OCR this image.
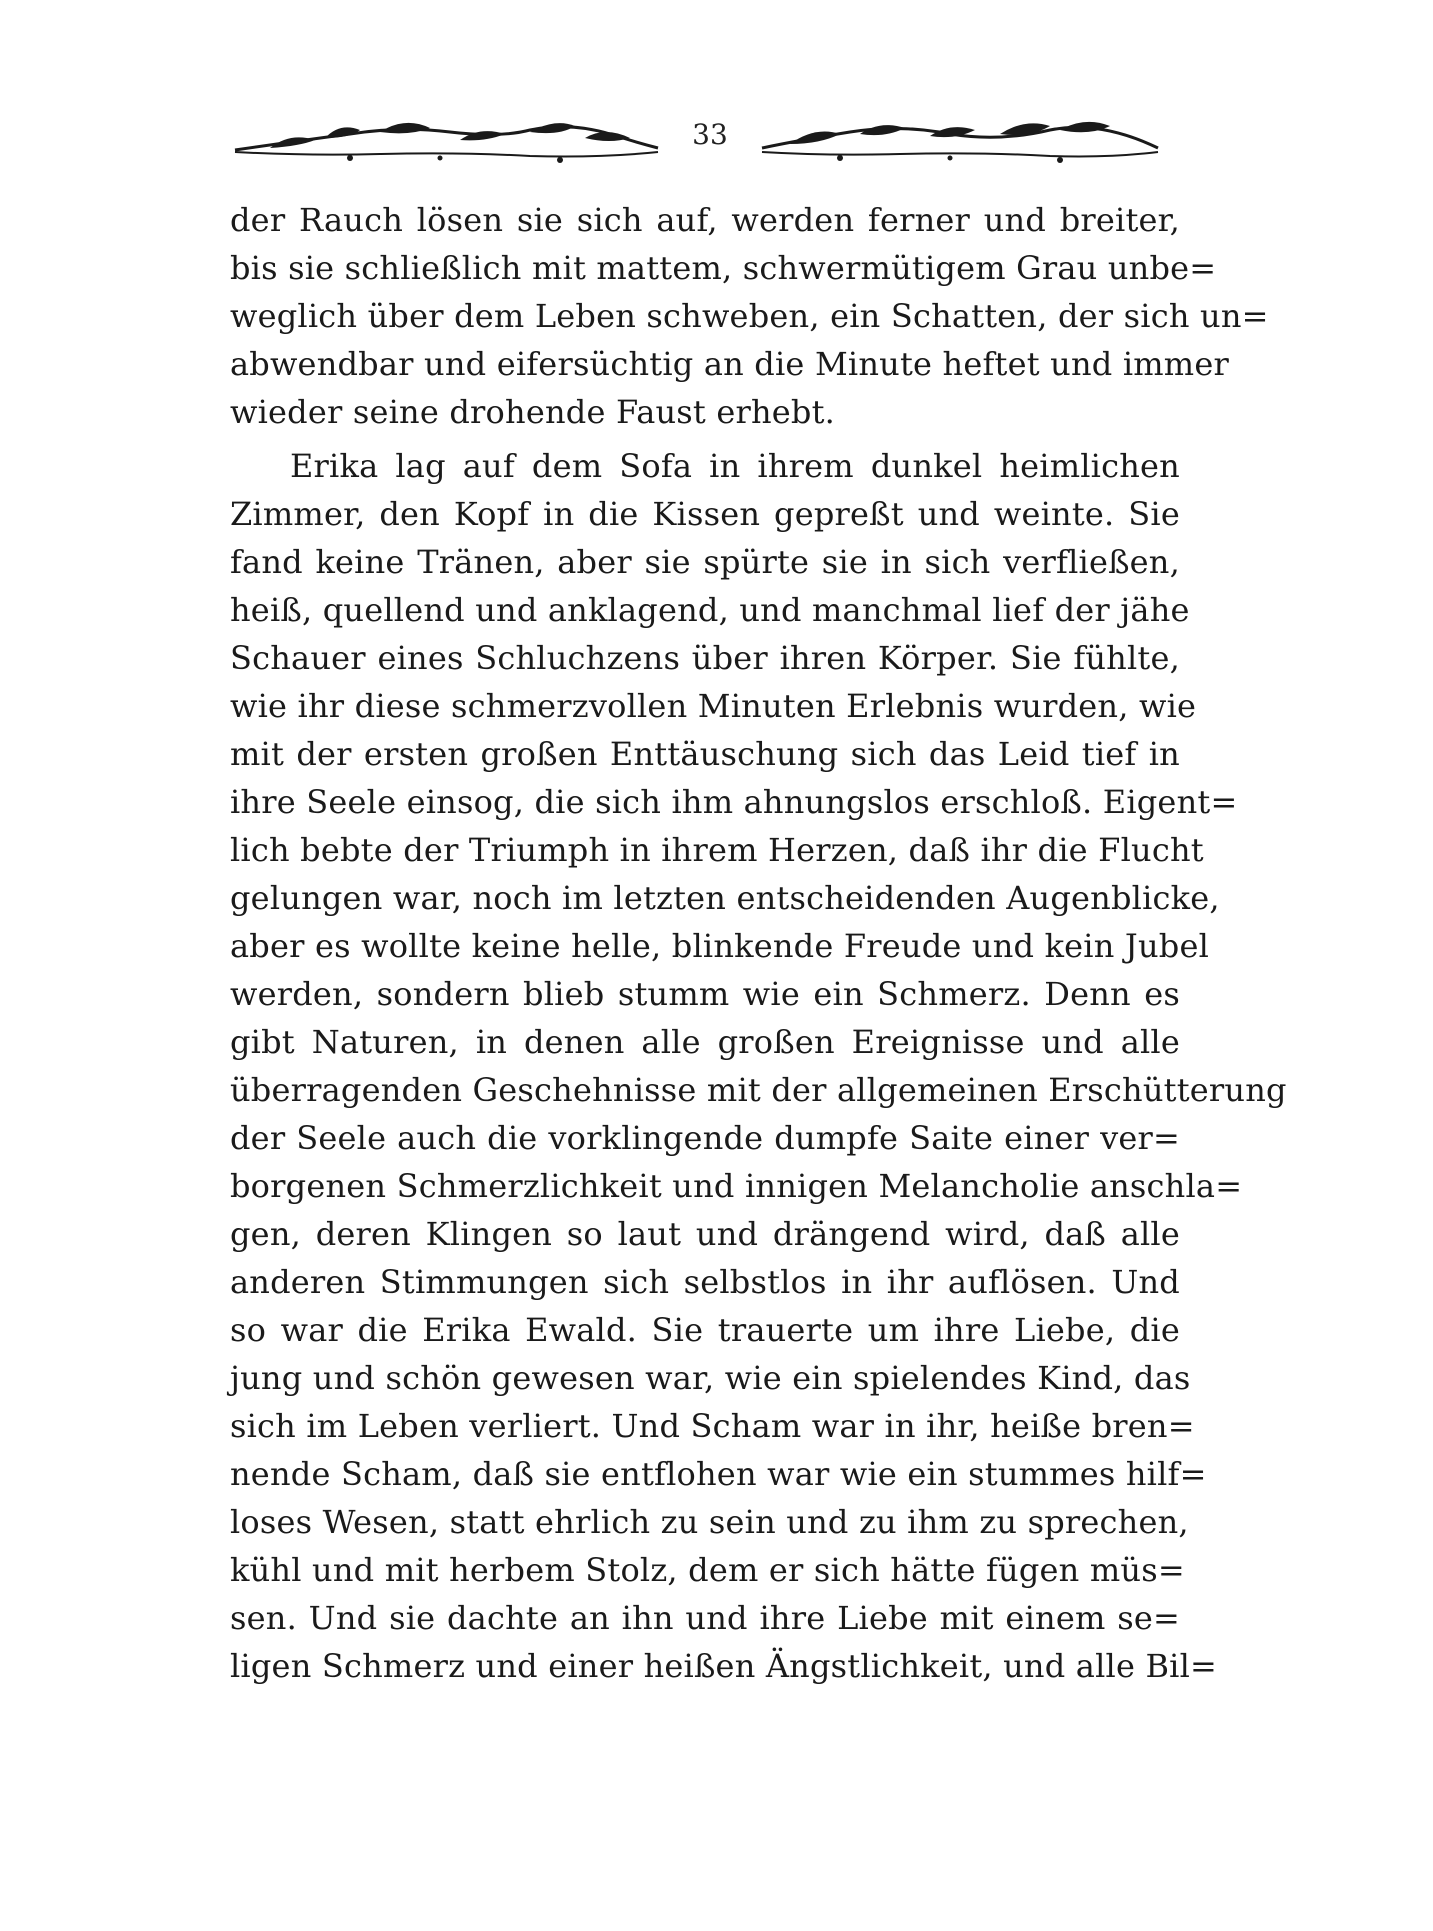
33
der Rauch lösen sie sich auf, werden ferner und breiter,
bis sie schließlich mit mattem, schwermütigem Grau unbe=
weglich über dem Leben schweben, ein Schatten, der sich un=
abwendbar und eifersüchtig an die Minute heftet und immer
wieder seine drohende Faust erhebt.
Erika lag auf dem Sofa in ihrem dunkel heimlichen
Zimmer, den Kopf in die Kissen gepreßt und weinte. Sie
fand keine Tränen, aber sie spürte sie in sich verfließen,
heiß, quellend und anklagend, und manchmal lief der jähe
Schauer eines Schluchzens über ihren Körper. Sie fühlte,
wie ihr diese schmerzvollen Minuten Erlebnis wurden, wie
mit der ersten großen Enttäuschung sich das Leid tief in
ihre Seele einsog, die sich ihm ahnungslos erschloß. Eigent=
lich bebte der Triumph in ihrem Herzen, daß ihr die Flucht
gelungen war, noch im letzten entscheidenden Augenblicke,
aber es wollte keine helle, blinkende Freude und kein Jubel
werden, sondern blieb stumm wie ein Schmerz. Denn es
gibt Naturen, in denen alle großen Ereignisse und alle
überragenden Geschehnisse mit der allgemeinen Erschütterung
der Seele auch die vorklingende dumpfe Saite einer ver=
borgenen Schmerzlichkeit und innigen Melancholie anschla=
gen, deren Klingen so laut und drängend wird, daß alle
anderen Stimmungen sich selbstlos in ihr auflösen. Und
so war die Erika Ewald. Sie trauerte um ihre Liebe, die
jung und schön gewesen war, wie ein spielendes Kind, das
sich im Leben verliert. Und Scham war in ihr, heiße bren=
nende Scham, daß sie entflohen war wie ein stummes hilf=
loses Wesen, statt ehrlich zu sein und zu ihm zu sprechen,
kühl und mit herbem Stolz, dem er sich hätte fügen müs=
sen. Und sie dachte an ihn und ihre Liebe mit einem se=
ligen Schmerz und einer heißen Ängstlichkeit, und alle Bil=
